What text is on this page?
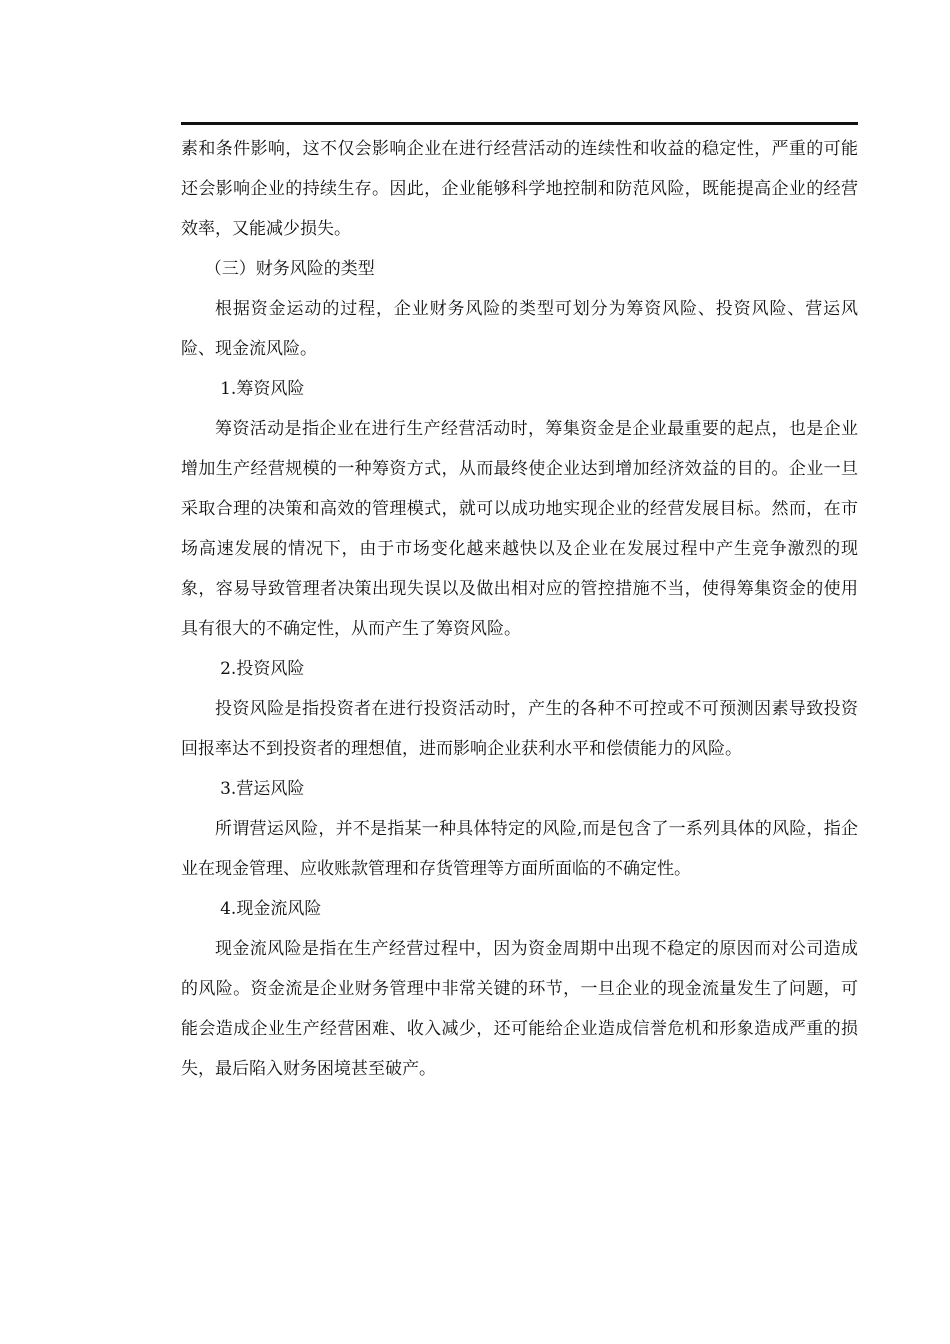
素和条件影响，这不仅会影响企业在进行经营活动的连续性和收益的稳定性，严重的可能还会影响企业的持续生存。因此，企业能够科学地控制和防范风险，既能提高企业的经营效率，又能减少损失。

（三）财务风险的类型

根据资金运动的过程，企业财务风险的类型可划分为筹资风险、投资风险、营运风险、现金流风险。

1.筹资风险

筹资活动是指企业在进行生产经营活动时，筹集资金是企业最重要的起点，也是企业增加生产经营规模的一种筹资方式，从而最终使企业达到增加经济效益的目的。企业一旦采取合理的决策和高效的管理模式，就可以成功地实现企业的经营发展目标。然而，在市场高速发展的情况下，由于市场变化越来越快以及企业在发展过程中产生竞争激烈的现象，容易导致管理者决策出现失误以及做出相对应的管控措施不当，使得筹集资金的使用具有很大的不确定性，从而产生了筹资风险。

2.投资风险

投资风险是指投资者在进行投资活动时，产生的各种不可控或不可预测因素导致投资回报率达不到投资者的理想值，进而影响企业获利水平和偿债能力的风险。

3.营运风险

所谓营运风险，并不是指某一种具体特定的风险,而是包含了一系列具体的风险，指企业在现金管理、应收账款管理和存货管理等方面所面临的不确定性。

4.现金流风险

现金流风险是指在生产经营过程中，因为资金周期中出现不稳定的原因而对公司造成的风险。资金流是企业财务管理中非常关键的环节，一旦企业的现金流量发生了问题，可能会造成企业生产经营困难、收入减少，还可能给企业造成信誉危机和形象造成严重的损失，最后陷入财务困境甚至破产。
